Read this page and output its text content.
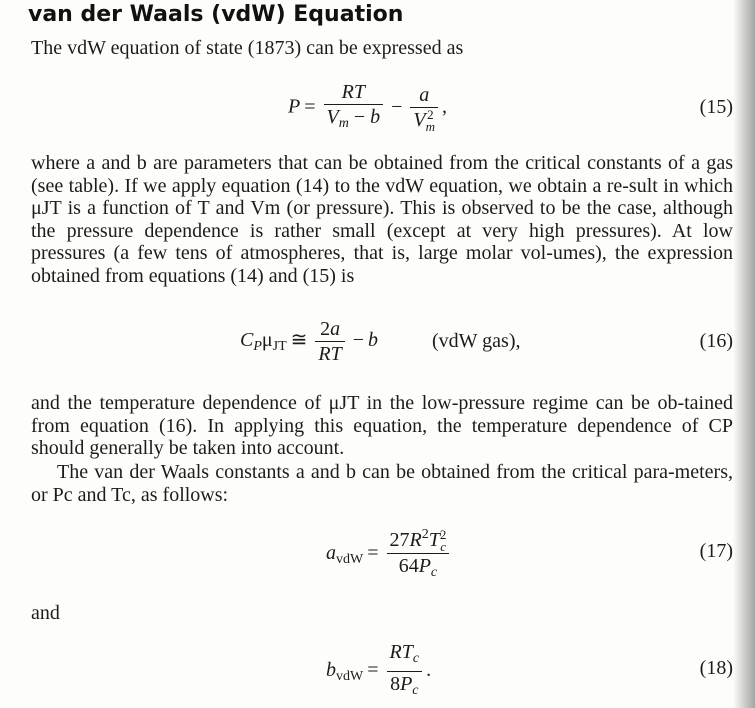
van der Waals (vdW) Equation

The vdW equation of state (1873) can be expressed as

$P = \frac{RT}{V_m - b} - a$
V 2
m ,	(15)

where a and b are parameters that can be obtained from the critical constants of a gas (see table). If we apply equation (14) to the vdW equation, we obtain a re-sult in which μJT is a function of T and Vm (or pressure). This is observed to be the case, although the pressure dependence is rather small (except at very high pressures). At low pressures (a few tens of atmospheres, that is, large molar vol-umes), the expression obtained from equations (14) and (15) is

$C_P\mu_{JT}$ ≅ $\frac{2a}{RT} - b$	(vdW gas),	(16)

and the temperature dependence of μJT in the low-pressure regime can be ob-tained from equation (16). In applying this equation, the temperature dependence of CP should generally be taken into account.

The van der Waals constants a and b can be obtained from the critical para-meters, or Pc and Tc, as follows:

$a_{vdW} = 27R^2T$ 2
c
$64P_c$	(17)
and
$b_{vdW} = \frac{RT_c}{8P_c}$ .	(18)
